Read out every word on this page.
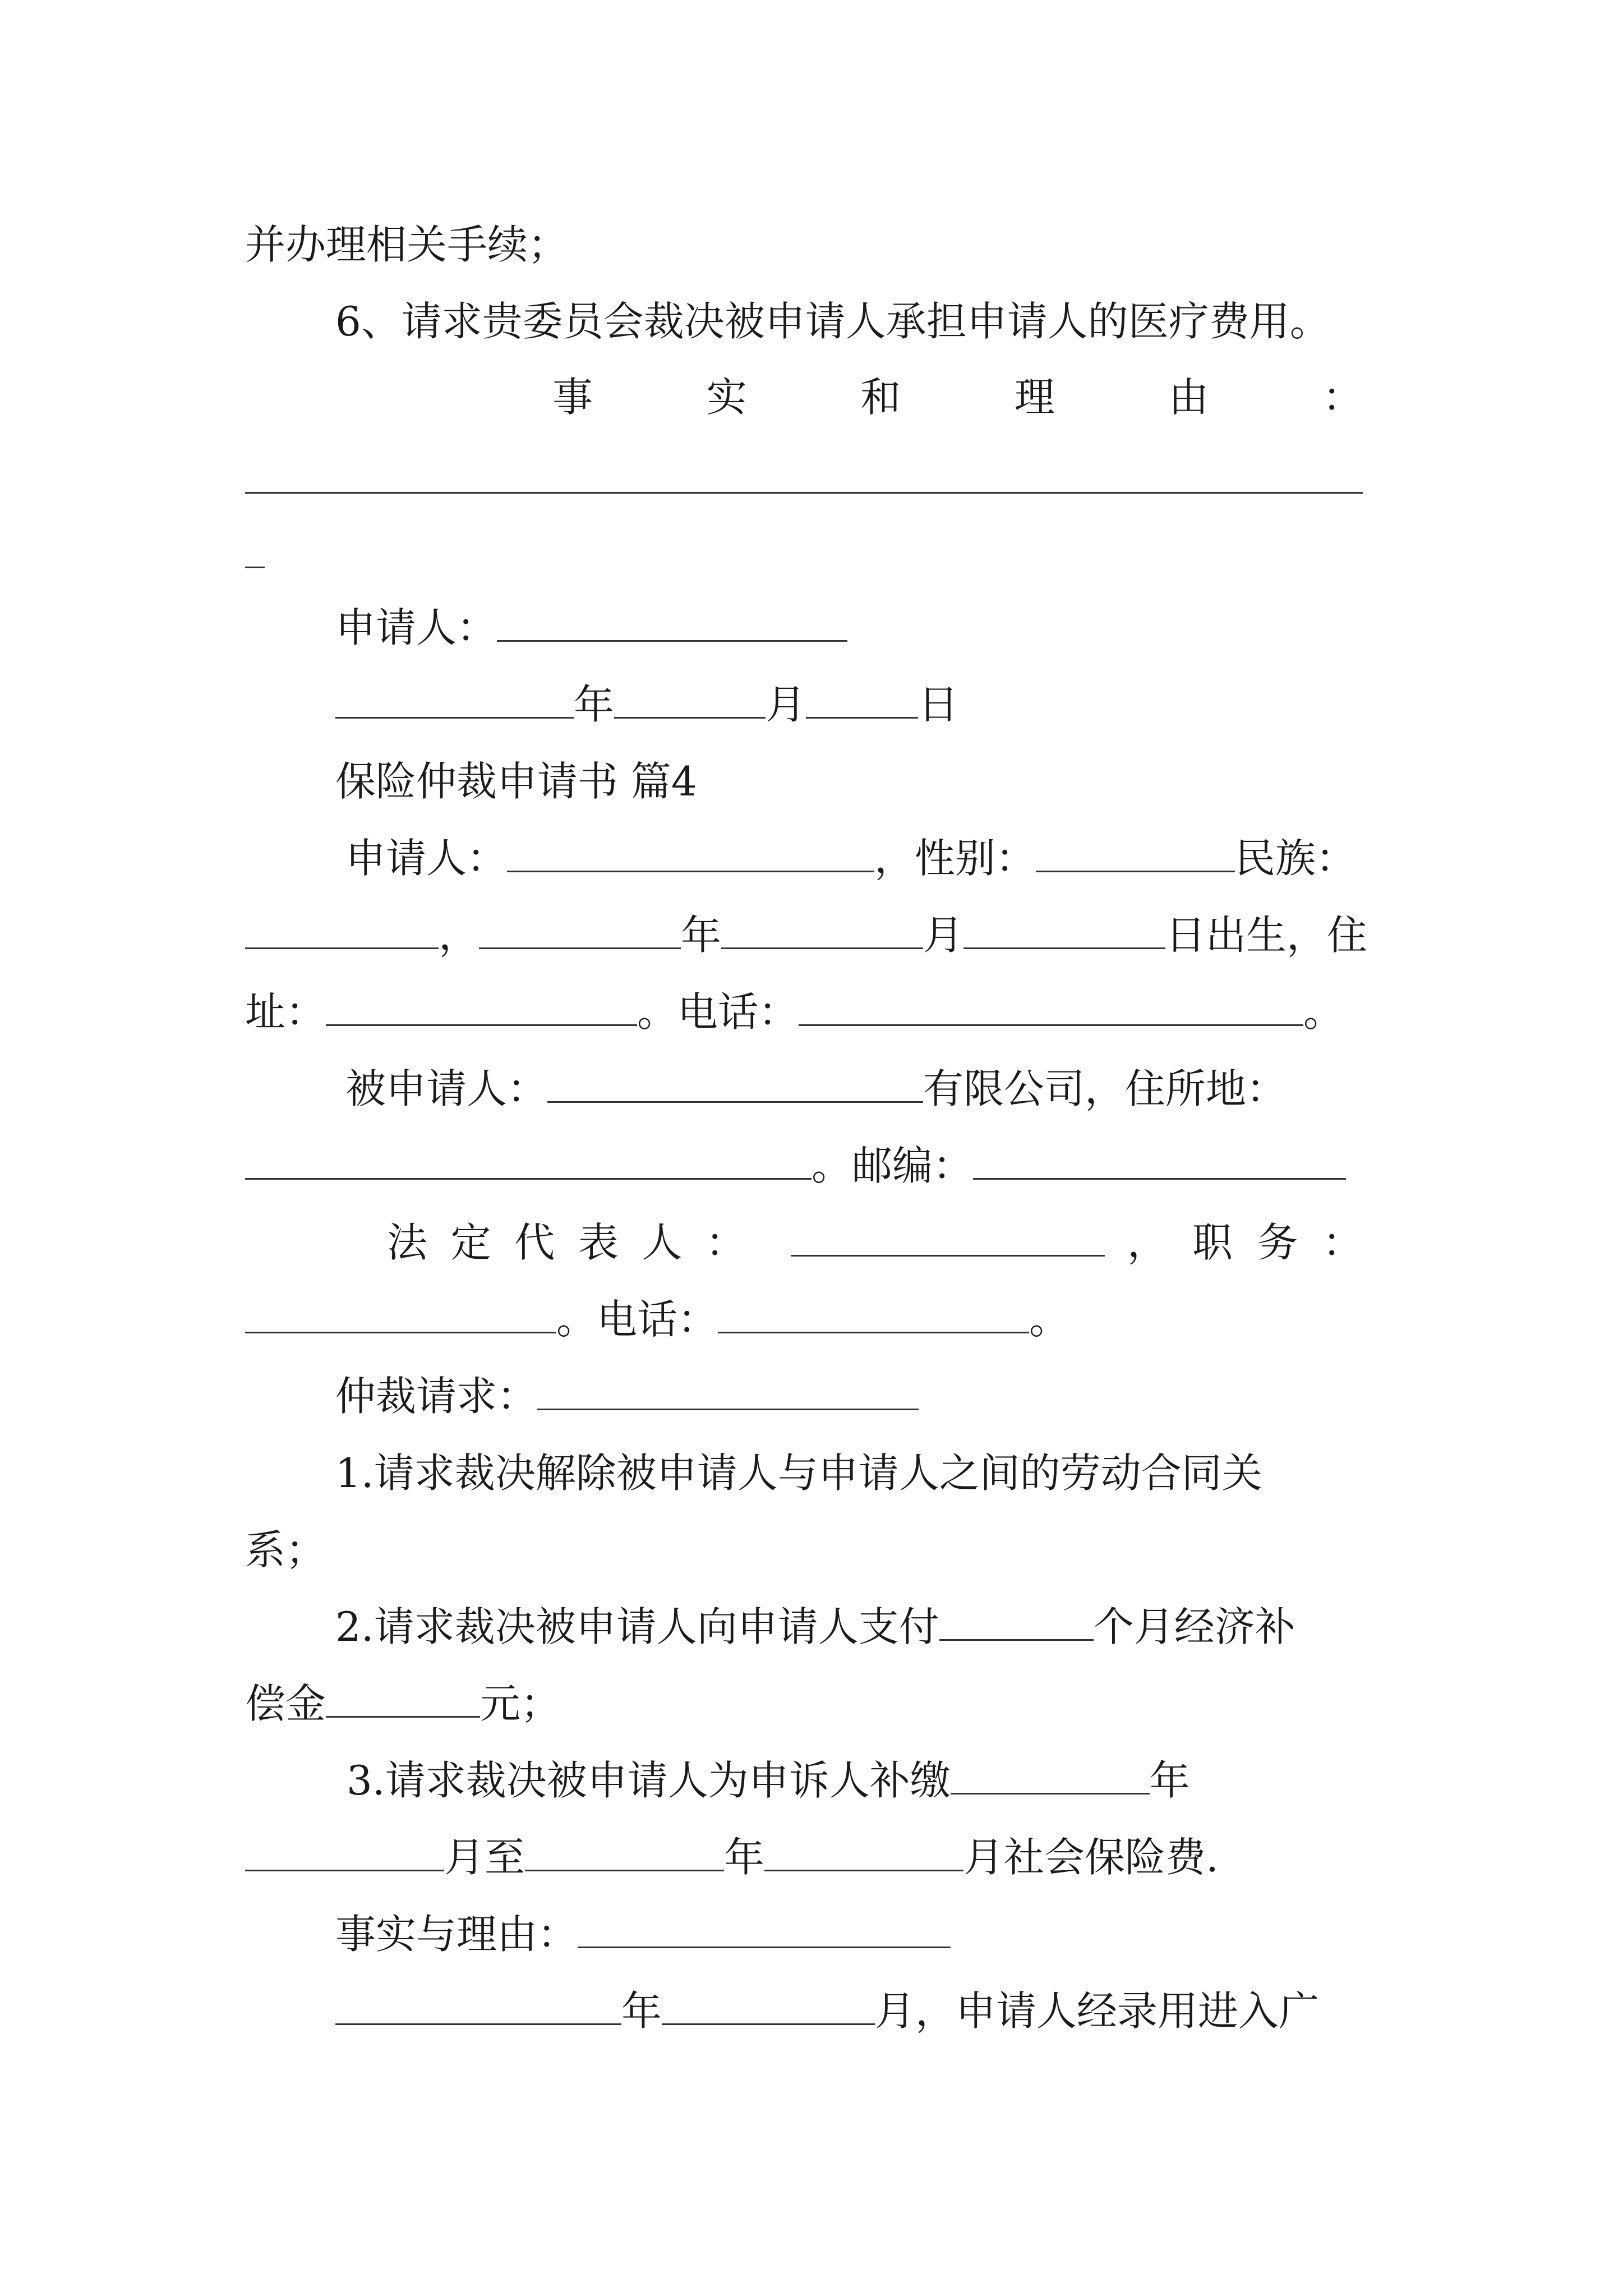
并办理相关手续；
6、请求贵委员会裁决被申请人承担申请人的医疗费用。
事	实	和	理	由	：
申请人：
年	月	日
保险仲裁申请书 篇4
申请人：	，性别：	民族：
，	年	月	日出生，住
址：	。电话：	。
被申请人：	有限公司，住所地：
。邮编：
法 定 代 表 人 ：	， 职 务 ：
。电话：	。
仲裁请求：
1.请求裁决解除被申请人与申请人之间的劳动合同关
系；
2.请求裁决被申请人向申请人支付	个月经济补
偿金	元；
3.请求裁决被申请人为申诉人补缴	年
月至	年	月社会保险费.
事实与理由：
年	月，申请人经录用进入广
